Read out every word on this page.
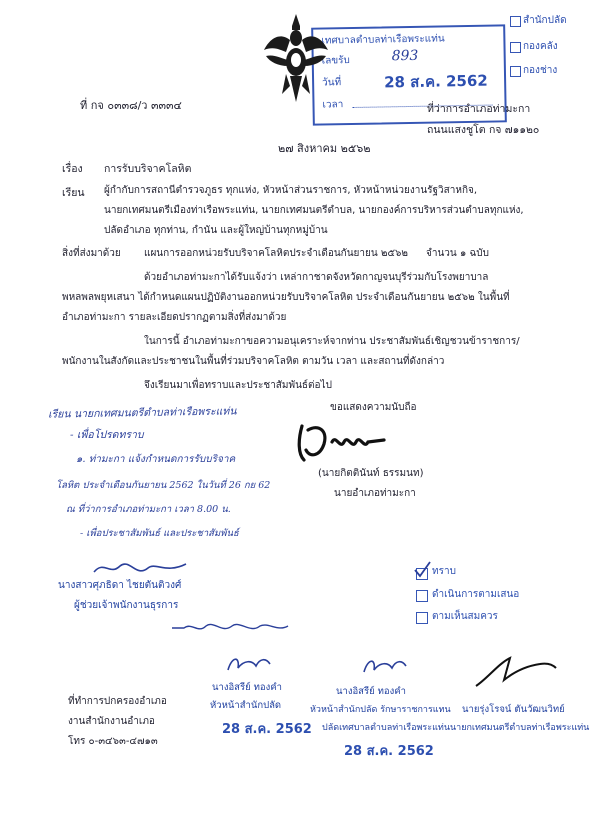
เทศบาลตำบลท่าเรือพระแท่น
เลขรับ	893
วันที่	28 ส.ค. 2562
เวลา
สำนักปลัด
กองคลัง
กองช่าง
ที่ กจ ๐๓๓๘/ว ๓๓๓๔	ที่ว่าการอำเภอท่ามะกา
ถนนแสงชูโต กจ ๗๑๑๒๐
๒๗ สิงหาคม ๒๕๖๒
เรื่อง การรับบริจาคโลหิต
เรียน ผู้กำกับการสถานีตำรวจภูธร ทุกแห่ง, หัวหน้าส่วนราชการ, หัวหน้าหน่วยงานรัฐวิสาหกิจ,
นายกเทศมนตรีเมืองท่าเรือพระแท่น, นายกเทศมนตรีตำบล, นายกองค์การบริหารส่วนตำบลทุกแห่ง,
ปลัดอำเภอ ทุกท่าน, กำนัน และผู้ใหญ่บ้านทุกหมู่บ้าน
สิ่งที่ส่งมาด้วย แผนการออกหน่วยรับบริจาคโลหิตประจำเดือนกันยายน ๒๕๖๒ จำนวน ๑ ฉบับ
ด้วยอำเภอท่ามะกาได้รับแจ้งว่า เหล่ากาชาดจังหวัดกาญจนบุรีร่วมกับโรงพยาบาล
พหลพลพยุหเสนา ได้กำหนดแผนปฏิบัติงานออกหน่วยรับบริจาคโลหิต ประจำเดือนกันยายน ๒๕๖๒ ในพื้นที่
อำเภอท่ามะกา รายละเอียดปรากฏตามสิ่งที่ส่งมาด้วย
ในการนี้ อำเภอท่ามะกาขอความอนุเคราะห์จากท่าน ประชาสัมพันธ์เชิญชวนข้าราชการ/
พนักงานในสังกัดและประชาชนในพื้นที่ร่วมบริจาคโลหิต ตามวัน เวลา และสถานที่ดังกล่าว
จึงเรียนมาเพื่อทราบและประชาสัมพันธ์ต่อไป
ขอแสดงความนับถือ
(นายกิตตินันท์ ธรรมนท)
นายอำเภอท่ามะกา
เรียน นายกเทศมนตรีตำบลท่าเรือพระแท่น
- เพื่อโปรดทราบ
๑. ท่ามะกา แจ้งกำหนดการรับบริจาค
โลหิต ประจำเดือนกันยายน 2562 ในวันที่ 26 กย 62
ณ ที่ว่าการอำเภอท่ามะกา เวลา 8.00 น.
- เพื่อประชาสัมพันธ์ และประชาสัมพันธ์
นางสาวศุภธิดา ไชยตันติวงศ์
ผู้ช่วยเจ้าพนักงานธุรการ
ทราบ
ดำเนินการตามเสนอ
ตามเห็นสมควร
นางอิสรีย์ ทองคำ
หัวหน้าสำนักปลัด
28 ส.ค. 2562
นางอิสรีย์ ทองคำ
หัวหน้าสำนักปลัด รักษาราชการแทน
ปลัดเทศบาลตำบลท่าเรือพระแท่น
28 ส.ค. 2562
นายรุ่งโรจน์ ตันวัฒนวิทย์
นายกเทศมนตรีตำบลท่าเรือพระแท่น
ที่ทำการปกครองอำเภอ
งานสำนักงานอำเภอ
โทร ๐-๓๔๖๓-๔๗๑๓
